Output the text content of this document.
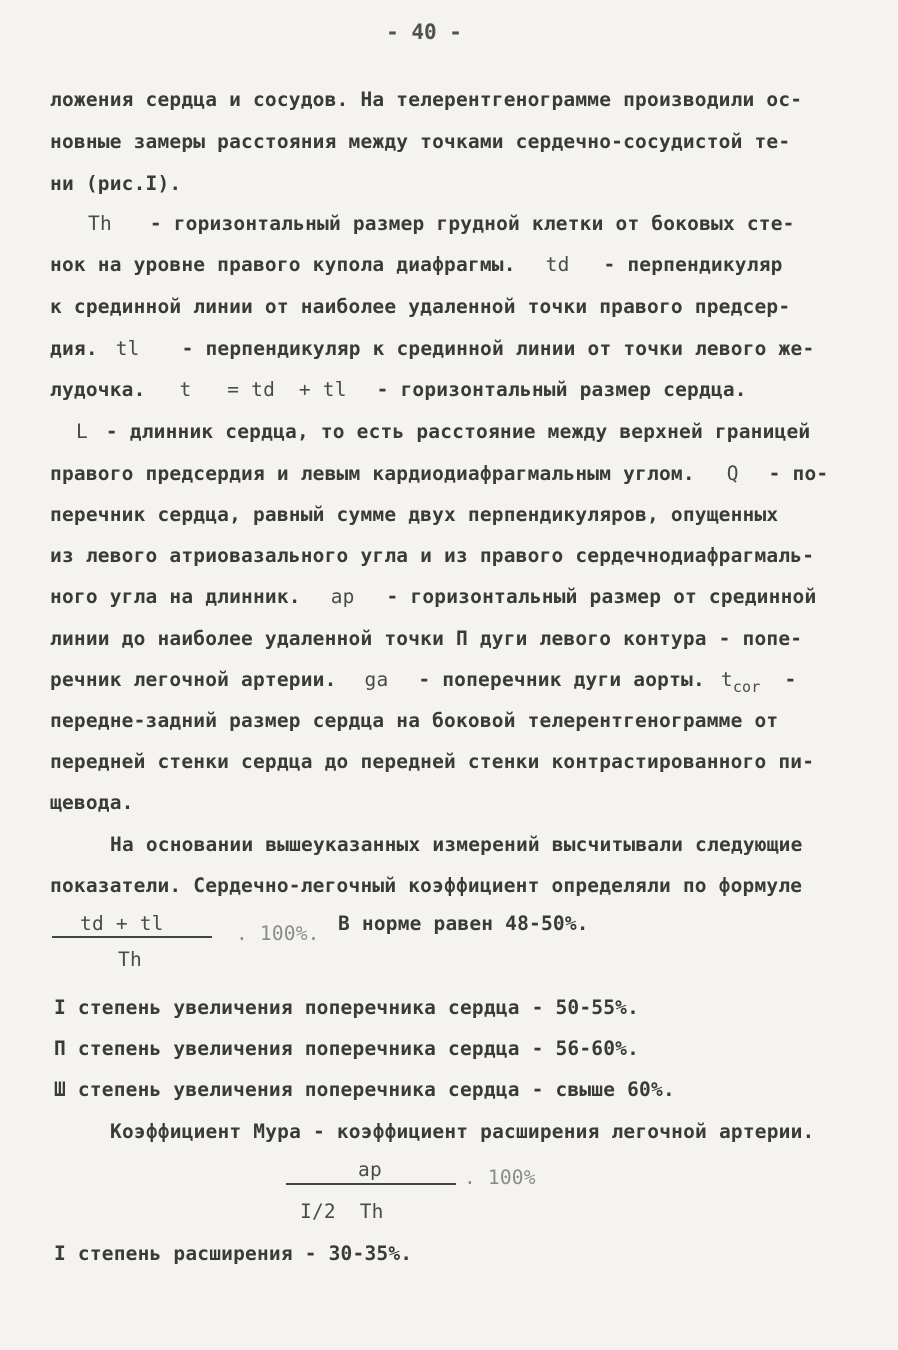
- 40 -
ложения сердца и сосудов. На телерентгенограмме производили ос-
новные замеры расстояния между точками сердечно-сосудистой те-
ни (рис.I).
Th - горизонтальный размер грудной клетки от боковых сте-
нок на уровне правого купола диафрагмы. td - перпендикуляр
к срединной линии от наиболее удаленной точки правого предсер-
дия. tl - перпендикуляр к срединной линии от точки левого же-
лудочка. t   = td  + tl - горизонтальный размер сердца.
L - длинник сердца, то есть расстояние между верхней границей
правого предсердия и левым кардиодиафрагмальным углом. Q - по-
перечник сердца, равный сумме двух перпендикуляров, опущенных
из левого атриовазального угла и из правого сердечнодиафрагмаль-
ного угла на длинник. ap - горизонтальный размер от срединной
линии до наиболее удаленной точки П дуги левого контура - попе-
речник легочной артерии. ga - поперечник дуги аорты. $t_{cor}$ -
передне-задний размер сердца на боковой телерентгенограмме от
передней стенки сердца до передней стенки контрастированного пи-
щевода.
На основании вышеуказанных измерений высчитывали следующие
показатели. Сердечно-легочный коэффициент определяли по формуле
td + tl
Th
. 100%. В норме равен 48-50%.
I степень увеличения поперечника сердца - 50-55%.
П степень увеличения поперечника сердца - 56-60%.
Ш степень увеличения поперечника сердца - свыше 60%.
Коэффициент Мура - коэффициент расширения легочной артерии.
ap	. 100%
I/2  Th
I степень расширения - 30-35%.
